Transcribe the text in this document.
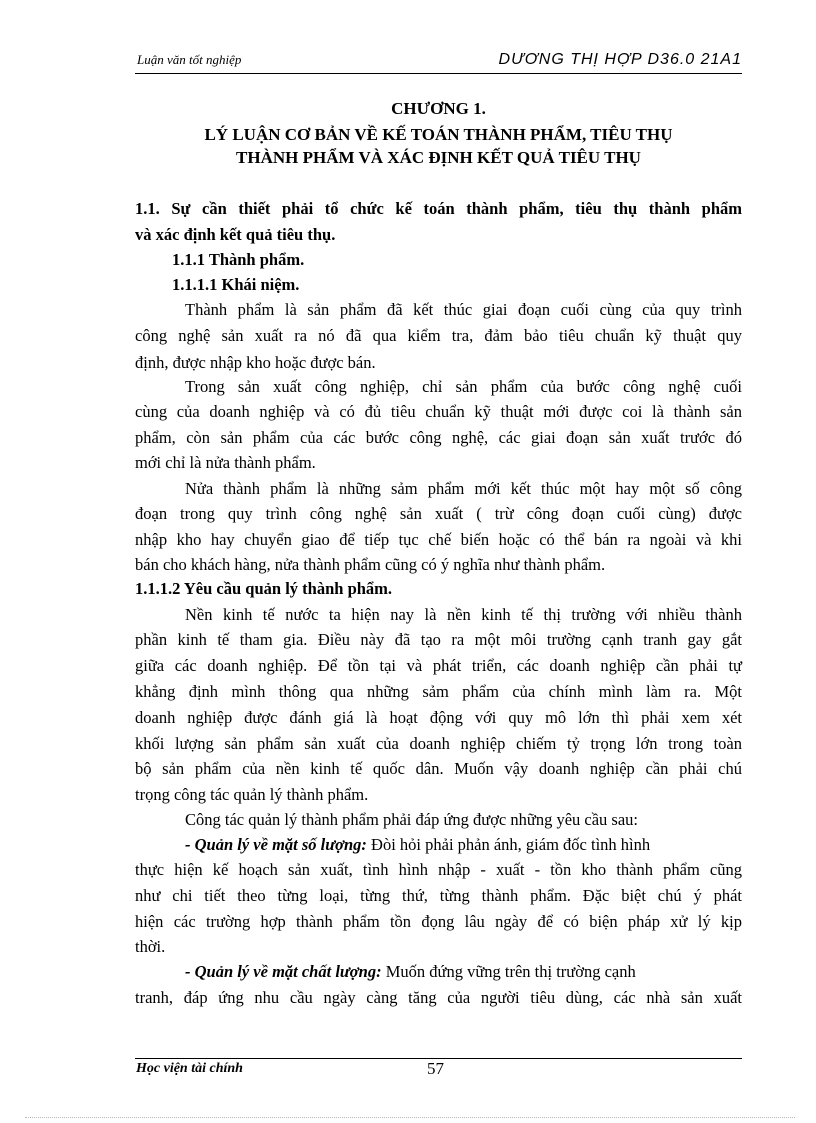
Luận văn tốt nghiệp	DƯƠNG THỊ HỢP D36.0 21A1
CHƯƠNG 1.
LÝ LUẬN CƠ BẢN VỀ KẾ TOÁN THÀNH PHẨM, TIÊU THỤ
THÀNH PHẨM VÀ XÁC ĐỊNH KẾT QUẢ TIÊU THỤ
1.1. Sự cần thiết phải tổ chức kế toán thành phẩm, tiêu thụ thành phẩm
và xác định kết quả tiêu thụ.
1.1.1 Thành phẩm.
1.1.1.1 Khái niệm.
Thành phẩm là sản phẩm đã kết thúc giai đoạn cuối cùng của quy trình
công nghệ sản xuất ra nó đã qua kiểm tra, đảm bảo tiêu chuẩn kỹ thuật quy
định, được nhập kho hoặc được bán.
Trong sản xuất công nghiệp, chỉ sản phẩm của bước công nghệ cuối
cùng của doanh nghiệp và có đủ tiêu chuẩn kỹ thuật mới được coi là thành sản
phẩm, còn sản phẩm của các bước công nghệ, các giai đoạn sản xuất trước đó
mới chỉ là nửa thành phẩm.
Nửa thành phẩm là những sảm phẩm mới kết thúc một hay một số công
đoạn trong quy trình công nghệ sản xuất ( trừ công đoạn cuối cùng) được
nhập kho hay chuyển giao để tiếp tục chế biến hoặc có thể bán ra ngoài và khi
bán cho khách hàng, nửa thành phẩm cũng có ý nghĩa như thành phẩm.
1.1.1.2 Yêu cầu quản lý thành phẩm.
Nền kinh tế nước ta hiện nay là nền kinh tế thị trường với nhiều thành
phần kinh tế tham gia. Điều này đã tạo ra một môi trường cạnh tranh gay gắt
giữa các doanh nghiệp. Để tồn tại và phát triển, các doanh nghiệp cần phải tự
khẳng định mình thông qua những sảm phẩm của chính mình làm ra. Một
doanh nghiệp được đánh giá là hoạt động với quy mô lớn thì phải xem xét
khối lượng sản phẩm sản xuất của doanh nghiệp chiếm tỷ trọng lớn trong toàn
bộ sản phẩm của nền kinh tế quốc dân. Muốn vậy doanh nghiệp cần phải chú
trọng công tác quản lý thành phẩm.
Công tác quản lý thành phẩm phải đáp ứng được những yêu cầu sau:
- Quản lý về mặt số lượng: Đòi hỏi phải phản ánh, giám đốc tình hình
thực hiện kế hoạch sản xuất, tình hình nhập - xuất - tồn kho thành phẩm cũng
như chi tiết theo từng loại, từng thứ, từng thành phẩm. Đặc biệt chú ý phát
hiện các trường hợp thành phẩm tồn đọng lâu ngày để có biện pháp xử lý kịp
thời.
- Quản lý về mặt chất lượng: Muốn đứng vững trên thị trường cạnh
tranh, đáp ứng nhu cầu ngày càng tăng của người tiêu dùng, các nhà sản xuất
Học viện tài chính	57
